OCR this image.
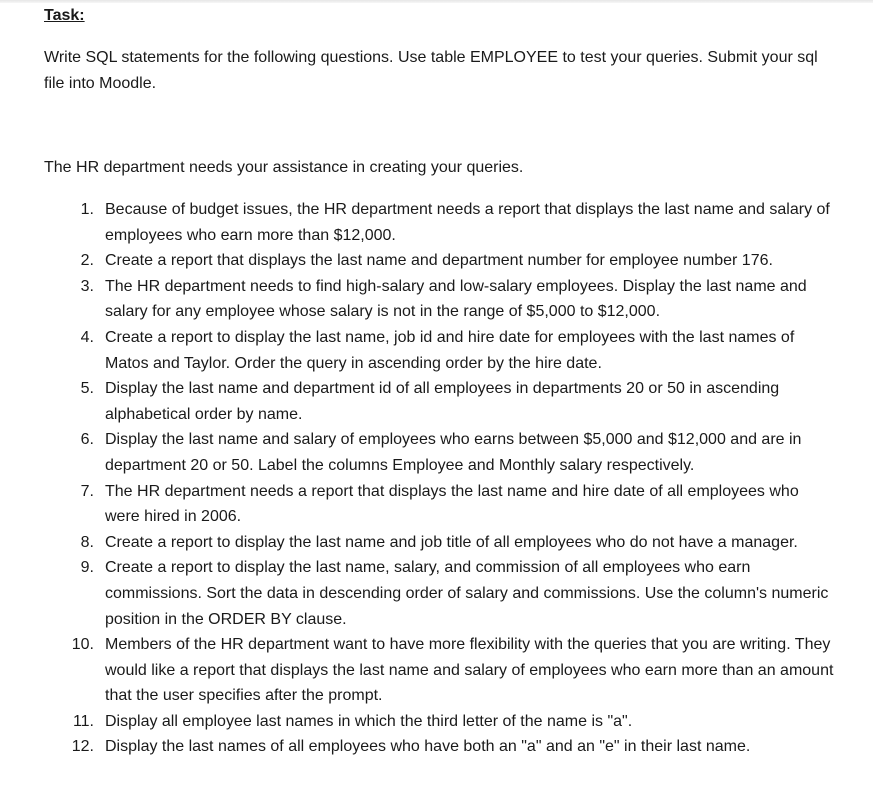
Task:

Write SQL statements for the following questions. Use table EMPLOYEE to test your queries. Submit your sql file into Moodle.

The HR department needs your assistance in creating your queries.

1. Because of budget issues, the HR department needs a report that displays the last name and salary of employees who earn more than $12,000.
2. Create a report that displays the last name and department number for employee number 176.
3. The HR department needs to find high-salary and low-salary employees. Display the last name and salary for any employee whose salary is not in the range of $5,000 to $12,000.
4. Create a report to display the last name, job id and hire date for employees with the last names of Matos and Taylor. Order the query in ascending order by the hire date.
5. Display the last name and department id of all employees in departments 20 or 50 in ascending alphabetical order by name.
6. Display the last name and salary of employees who earns between $5,000 and $12,000 and are in department 20 or 50. Label the columns Employee and Monthly salary respectively.
7. The HR department needs a report that displays the last name and hire date of all employees who were hired in 2006.
8. Create a report to display the last name and job title of all employees who do not have a manager.
9. Create a report to display the last name, salary, and commission of all employees who earn commissions. Sort the data in descending order of salary and commissions. Use the column's numeric position in the ORDER BY clause.
10. Members of the HR department want to have more flexibility with the queries that you are writing. They would like a report that displays the last name and salary of employees who earn more than an amount that the user specifies after the prompt.
11. Display all employee last names in which the third letter of the name is "a".
12. Display the last names of all employees who have both an "a" and an "e" in their last name.
